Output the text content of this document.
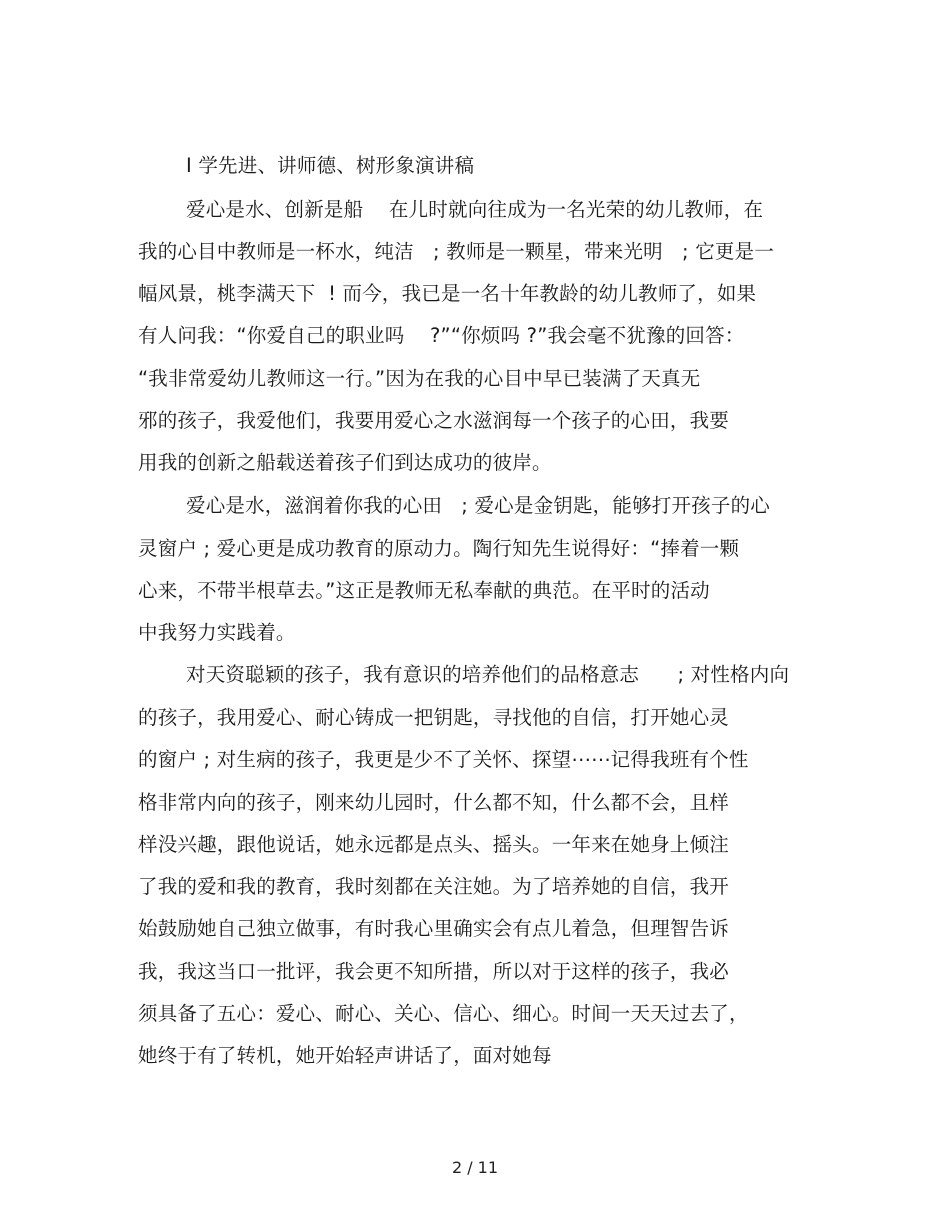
I 学先进、讲师德、树形象演讲稿
爱心是水、创新是船    在儿时就向往成为一名光荣的幼儿教师，在
我的心目中教师是一杯水，纯洁   ; 教师是一颗星，带来光明   ; 它更是一
幅风景，桃李满天下  ! 而今，我已是一名十年教龄的幼儿教师了，如果
有人问我：“你爱自己的职业吗    ?”“你烦吗 ?”我会毫不犹豫的回答：
“我非常爱幼儿教师这一行。”因为在我的心目中早已装满了天真无
邪的孩子，我爱他们，我要用爱心之水滋润每一个孩子的心田，我要
用我的创新之船载送着孩子们到达成功的彼岸。
爱心是水，滋润着你我的心田   ; 爱心是金钥匙，能够打开孩子的心
灵窗户 ; 爱心更是成功教育的原动力。陶行知先生说得好：“捧着一颗
心来，不带半根草去。”这正是教师无私奉献的典范。在平时的活动
中我努力实践着。
对天资聪颖的孩子，我有意识的培养他们的品格意志      ; 对性格内向
的孩子，我用爱心、耐心铸成一把钥匙，寻找他的自信，打开她心灵
的窗户 ; 对生病的孩子，我更是少不了关怀、探望⋯⋯记得我班有个性
格非常内向的孩子，刚来幼儿园时，什么都不知，什么都不会，且样
样没兴趣，跟他说话，她永远都是点头、摇头。一年来在她身上倾注
了我的爱和我的教育，我时刻都在关注她。为了培养她的自信，我开
始鼓励她自己独立做事，有时我心里确实会有点儿着急，但理智告诉
我，我这当口一批评，我会更不知所措，所以对于这样的孩子，我必
须具备了五心：爱心、耐心、关心、信心、细心。时间一天天过去了，
她终于有了转机，她开始轻声讲话了，面对她每
2 / 11
